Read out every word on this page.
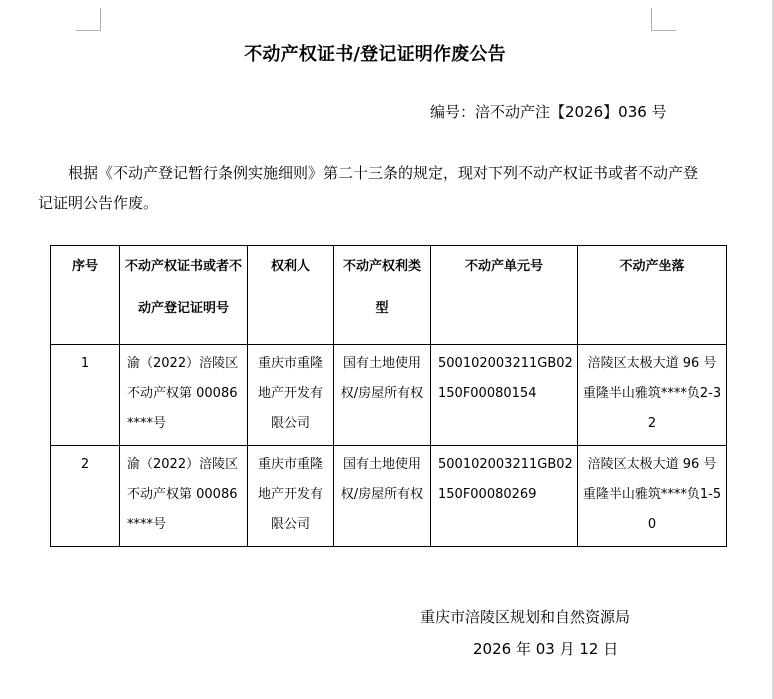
不动产权证书/登记证明作废公告
编号：涪不动产注【2026】036 号
根据《不动产登记暂行条例实施细则》第二十三条的规定，现对下列不动产权证书或者不动产登记证明公告作废。
序号	不动产权证书或者不动产登记证明号	权利人	不动产权利类型	不动产单元号	不动产坐落
1	渝（2022）涪陵区不动产权第 00086****号	重庆市重隆地产开发有限公司	国有土地使用权/房屋所有权	500102003211GB02150F00080154	涪陵区太极大道 96 号重隆半山雅筑****负2-32
2	渝（2022）涪陵区不动产权第 00086****号	重庆市重隆地产开发有限公司	国有土地使用权/房屋所有权	500102003211GB02150F00080269	涪陵区太极大道 96 号重隆半山雅筑****负1-50
重庆市涪陵区规划和自然资源局
2026 年 03 月 12 日
